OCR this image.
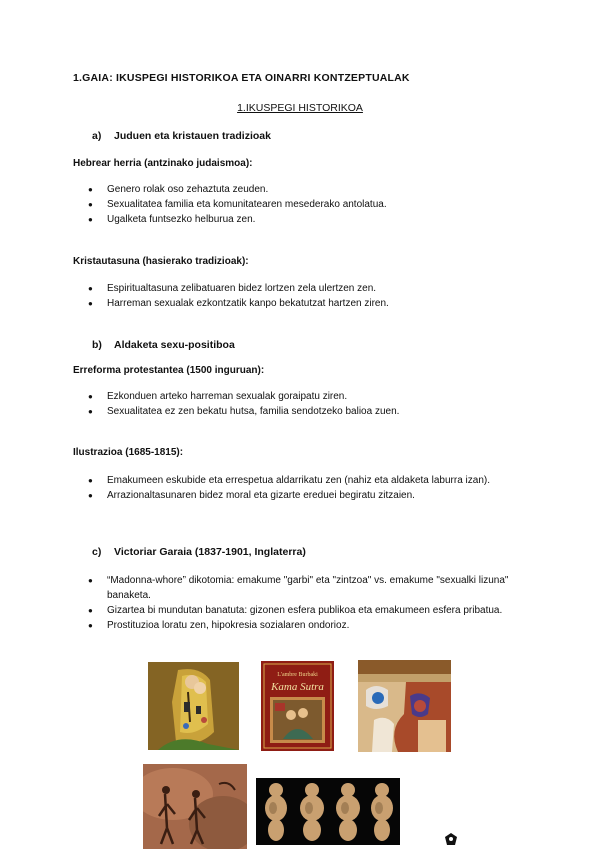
1.GAIA: IKUSPEGI HISTORIKOA ETA OINARRI KONTZEPTUALAK
1.IKUSPEGI HISTORIKOA
a) Juduen eta kristauen tradizioak
Hebrear herria (antzinako judaismoa):
● Genero rolak oso zehaztuta zeuden.
● Sexualitatea familia eta komunitatearen mesederako antolatua.
● Ugalketa funtsezko helburua zen.
Kristautasuna (hasierako tradizioak):
● Espiritualtasuna zelibatuaren bidez lortzen zela ulertzen zen.
● Harreman sexualak ezkontzatik kanpo bekatutzat hartzen ziren.
b) Aldaketa sexu-positiboa
Erreforma protestantea (1500 inguruan):
● Ezkonduen arteko harreman sexualak goraipatu ziren.
● Sexualitatea ez zen bekatu hutsa, familia sendotzeko balioa zuen.
Ilustrazioa (1685-1815):
● Emakumeen eskubide eta errespetua aldarrikatu zen (nahiz eta aldaketa laburra izan).
● Arrazionaltasunaren bidez moral eta gizarte ereduei begiratu zitzaien.
c) Victoriar Garaia (1837-1901, Inglaterra)
● “Madonna-whore” dikotomia: emakume "garbi" eta "zintzoa" vs. emakume "sexualki lizuna" banaketa.
● Gizartea bi mundutan banatuta: gizonen esfera publikoa eta emakumeen esfera pribatua.
● Prostituzioa loratu zen, hipokresia sozialaren ondorioz.
L'ambre Burbaki
Kama Sutra
